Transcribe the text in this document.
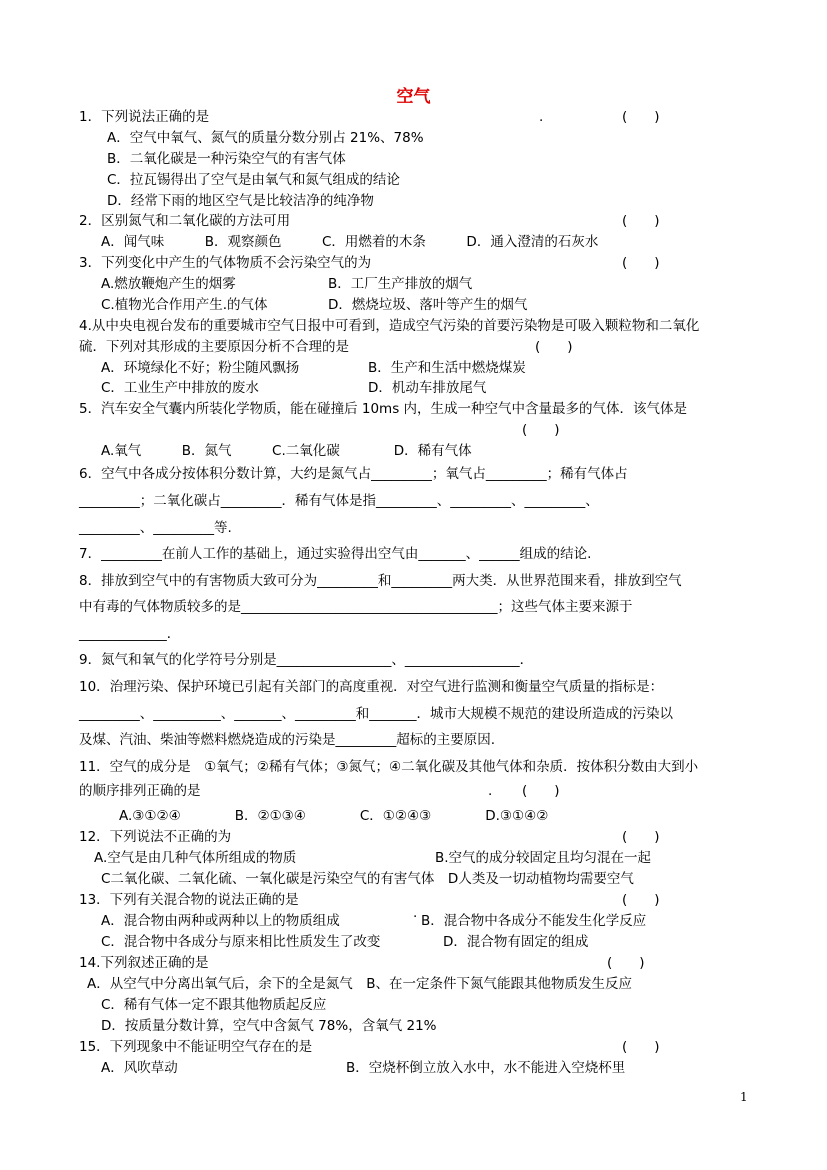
空气
1．下列说法正确的是	.	(　　)
A．空气中氧气、氮气的质量分数分别占 21%、78%
B．二氧化碳是一种污染空气的有害气体
C．拉瓦锡得出了空气是由氧气和氮气组成的结论
D．经常下雨的地区空气是比较洁净的纯净物
2．区别氮气和二氧化碳的方法可用	(　　)
A．闻气味　　　B．观察颜色　　　C．用燃着的木条　　　D．通入澄清的石灰水
3．下列变化中产生的气体物质不会污染空气的为	(　　)
A.燃放鞭炮产生的烟雾	B．工厂生产排放的烟气
C.植物光合作用产生.的气体	D．燃烧垃圾、落叶等产生的烟气
4.从中央电视台发布的重要城市空气日报中可看到，造成空气污染的首要污染物是可吸入颗粒物和二氧化
硫．下列对其形成的主要原因分析不合理的是	(　　)
A．环境绿化不好；粉尘随风飘扬	B．生产和生活中燃烧煤炭
C．工业生产中排放的废水	D．机动车排放尾气
5．汽车安全气囊内所装化学物质，能在碰撞后 10ms 内，生成一种空气中含量最多的气体．该气体是
(　　)
A.氧气　　　B．氮气　　　C.二氧化碳　　　　D．稀有气体
6．空气中各成分按体积分数计算，大约是氮气占_________；氧气占_________；稀有气体占
_________；二氧化碳占_________．稀有气体是指_________、_________、_________、
_________、_________等.
7．_________在前人工作的基础上，通过实验得出空气由_______、______组成的结论.
8．排放到空气中的有害物质大致可分为_________和_________两大类．从世界范围来看，排放到空气
中有毒的气体物质较多的是______________________________________；这些气体主要来源于
_____________．
9．氮气和氧气的化学符号分别是_________________、_________________．
10．治理污染、保护环境已引起有关部门的高度重视．对空气进行监测和衡量空气质量的指标是：
_________、__________、_______、_________和_______．城市大规模不规范的建设所造成的污染以
及煤、汽油、柴油等燃料燃烧造成的污染是_________超标的主要原因.
11．空气的成分是　①氧气；②稀有气体；③氮气；④二氧化碳及其他气体和杂质．按体积分数由大到小
的顺序排列正确的是	. (　　)
A.③①②④　　　　B．②①③④　　　　C．①②④③　　　　D.③①④②
12．下列说法不正确的为	(　　)
A.空气是由几种气体所组成的物质	B.空气的成分较固定且均匀混在一起
C二氧化碳、二氧化硫、一氧化碳是污染空气的有害气体　D人类及一切动植物均需要空气
13．下列有关混合物的说法正确的是	(　　)
A．混合物由两种或两种以上的物质组成	. B．混合物中各成分不能发生化学反应
C．混合物中各成分与原来相比性质发生了改变	D．混合物有固定的组成
14.下列叙述正确的是	(　　)
A．从空气中分离出氧气后，余下的全是氮气　B、在一定条件下氮气能跟其他物质发生反应
C．稀有气体一定不跟其他物质起反应
D．按质量分数计算，空气中含氮气 78%，含氧气 21%
15．下列现象中不能证明空气存在的是	(　　)
A．风吹草动	B．空烧杯倒立放入水中，水不能进入空烧杯里
1
